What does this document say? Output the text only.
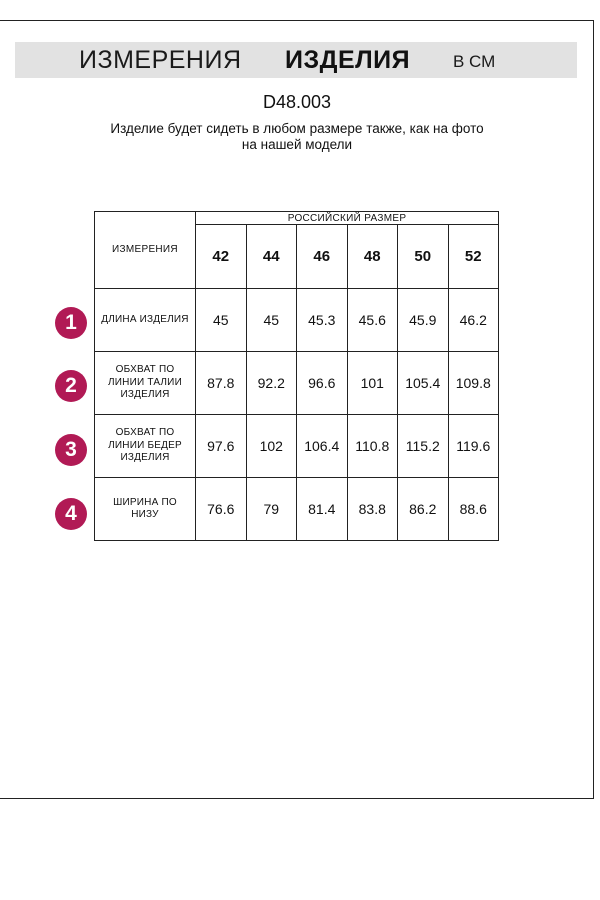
ИЗМЕРЕНИЯ ИЗДЕЛИЯ	В СМ
D48.003
Изделие будет сидеть в любом размере также, как на фото
на нашей модели
ИЗМЕРЕНИЯ	РОССИЙСКИЙ РАЗМЕР					
	42	44	46	48	50	52
ДЛИНА ИЗДЕЛИЯ	45	45	45.3	45.6	45.9	46.2
ОБХВАТ ПО ЛИНИИ ТАЛИИ ИЗДЕЛИЯ	87.8	92.2	96.6	101	105.4	109.8
ОБХВАТ ПО ЛИНИИ БЕДЕР ИЗДЕЛИЯ	97.6	102	106.4	110.8	115.2	119.6
ШИРИНА ПО НИЗУ	76.6	79	81.4	83.8	86.2	88.6
1
2
3
4
